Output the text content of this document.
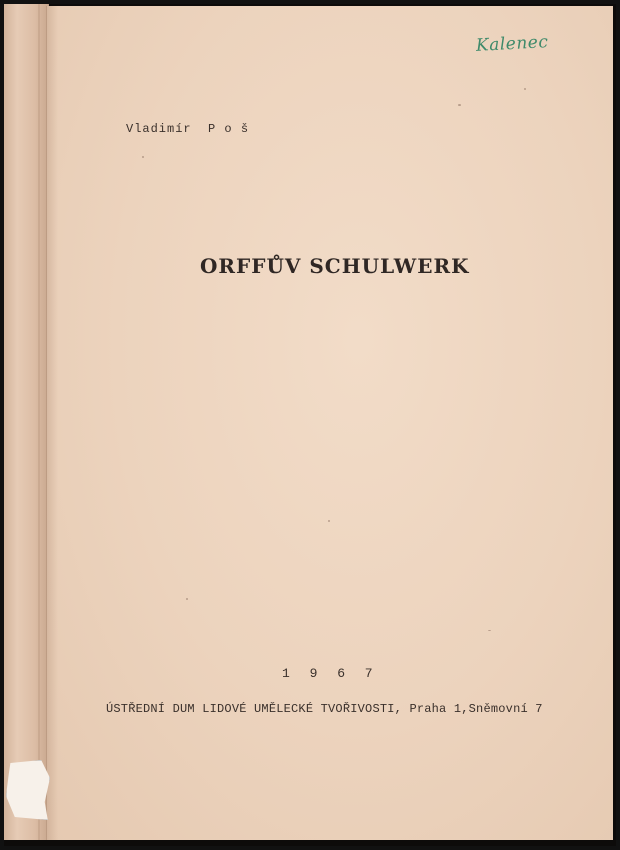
Kalenec
Vladimír  P o š
ORFFŮV SCHULWERK
1 9 6 7
ÚSTŘEDNÍ DUM LIDOVÉ UMĚLECKÉ TVOŘIVOSTI, Praha 1,Sněmovní 7
